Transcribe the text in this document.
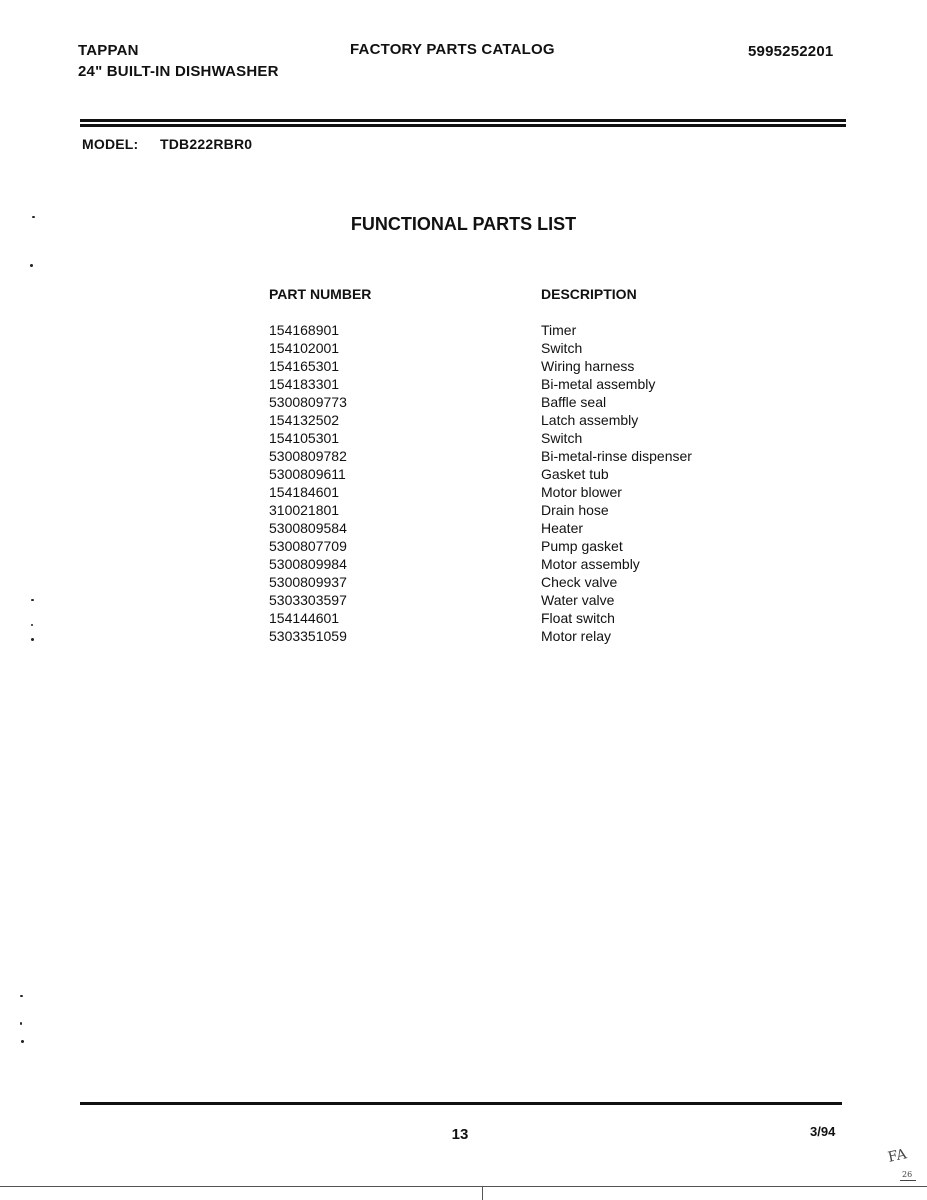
TAPPAN
24" BUILT-IN DISHWASHER
FACTORY PARTS CATALOG	5995252201
MODEL: TDB222RBR0
FUNCTIONAL PARTS LIST
PART NUMBER	DESCRIPTION
154168901	Timer
154102001	Switch
154165301	Wiring harness
154183301	Bi-metal assembly
5300809773	Baffle seal
154132502	Latch assembly
154105301	Switch
5300809782	Bi-metal-rinse dispenser
5300809611	Gasket tub
154184601	Motor blower
310021801	Drain hose
5300809584	Heater
5300807709	Pump gasket
5300809984	Motor assembly
5300809937	Check valve
5303303597	Water valve
154144601	Float switch
5303351059	Motor relay
13	3/94
FA
26
